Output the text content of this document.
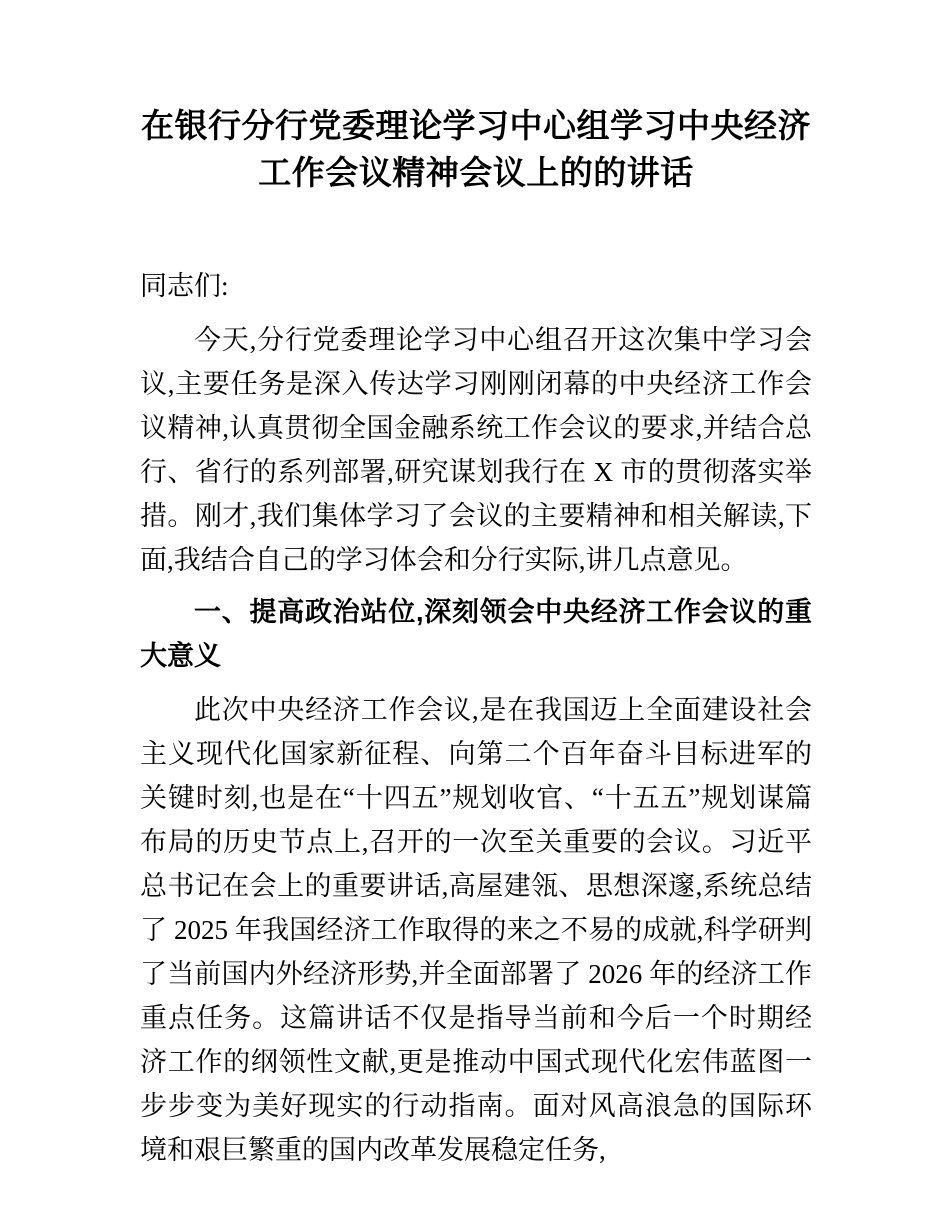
在银行分行党委理论学习中心组学习中央经济工作会议精神会议上的的讲话

同志们:

今天,分行党委理论学习中心组召开这次集中学习会议,主要任务是深入传达学习刚刚闭幕的中央经济工作会议精神,认真贯彻全国金融系统工作会议的要求,并结合总行、省行的系列部署,研究谋划我行在 X 市的贯彻落实举措。刚才,我们集体学习了会议的主要精神和相关解读,下面,我结合自己的学习体会和分行实际,讲几点意见。

一、提高政治站位,深刻领会中央经济工作会议的重大意义

此次中央经济工作会议,是在我国迈上全面建设社会主义现代化国家新征程、向第二个百年奋斗目标进军的关键时刻,也是在“十四五”规划收官、“十五五”规划谋篇布局的历史节点上,召开的一次至关重要的会议。习近平总书记在会上的重要讲话,高屋建瓴、思想深邃,系统总结了 2025 年我国经济工作取得的来之不易的成就,科学研判了当前国内外经济形势,并全面部署了 2026 年的经济工作重点任务。这篇讲话不仅是指导当前和今后一个时期经济工作的纲领性文献,更是推动中国式现代化宏伟蓝图一步步变为美好现实的行动指南。面对风高浪急的国际环境和艰巨繁重的国内改革发展稳定任务,
